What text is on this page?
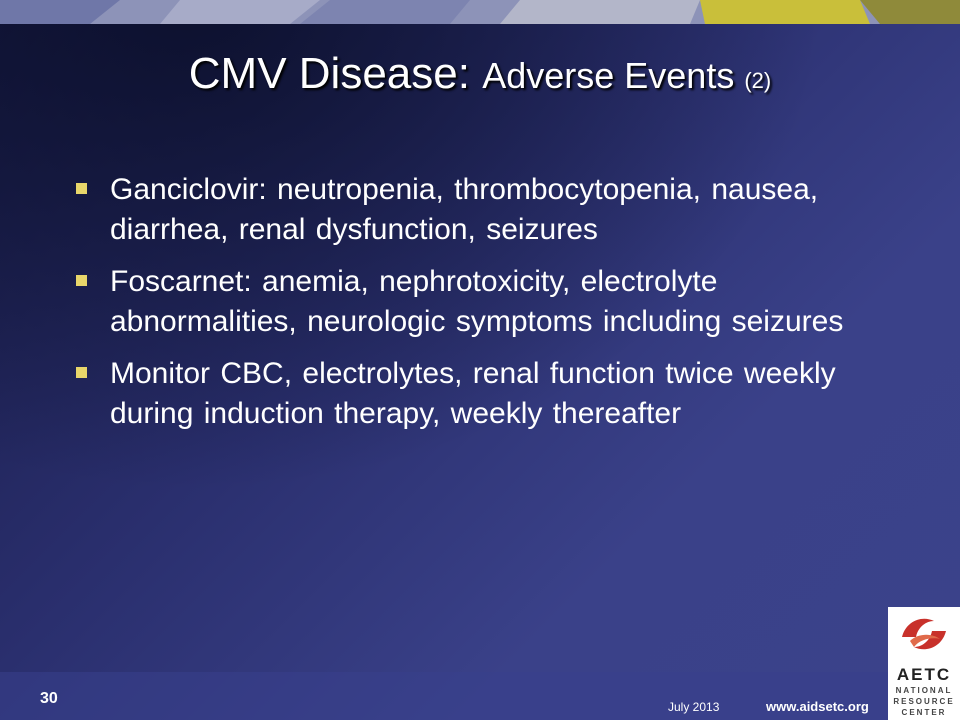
CMV Disease: Adverse Events (2)
Ganciclovir: neutropenia, thrombocytopenia, nausea, diarrhea, renal dysfunction, seizures
Foscarnet: anemia, nephrotoxicity, electrolyte abnormalities, neurologic symptoms including seizures
Monitor CBC, electrolytes, renal function twice weekly during induction therapy, weekly thereafter
30	July 2013	www.aidsetc.org
AETC
NATIONAL
RESOURCE
CENTER
